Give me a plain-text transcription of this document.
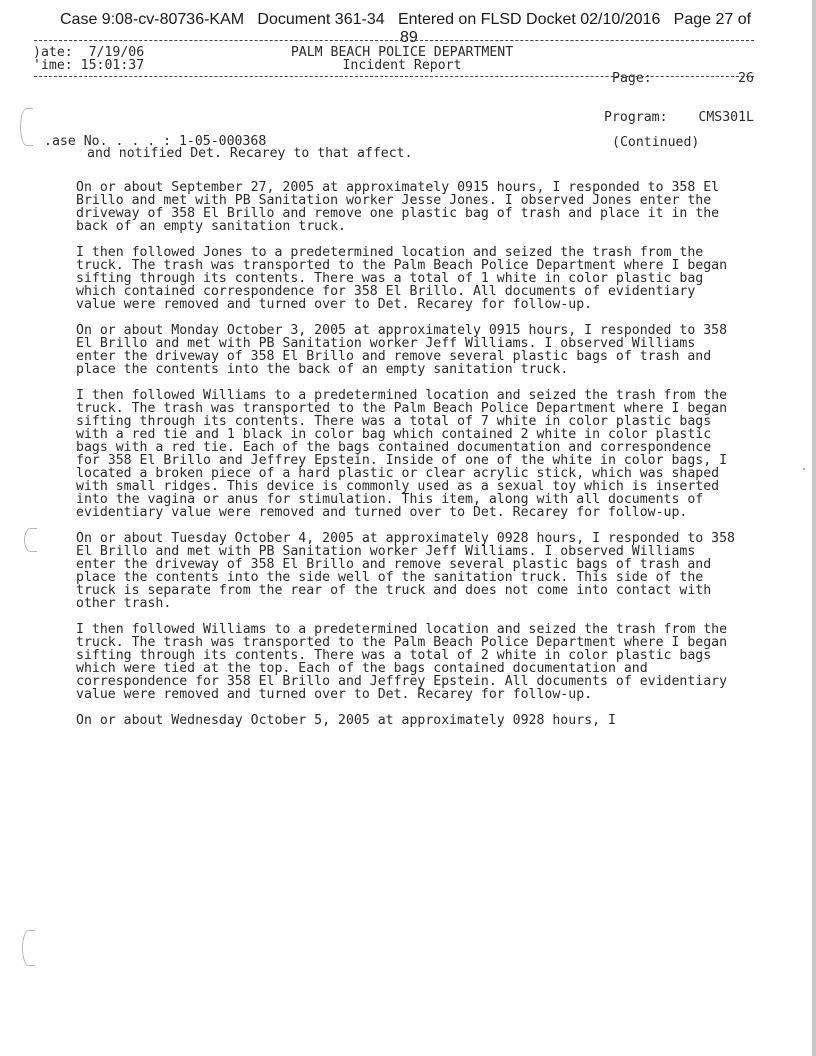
Case 9:08-cv-80736-KAM   Document 361-34   Entered on FLSD Docket 02/10/2016   Page 27 of
89
)ate: 7/19/06
'ime: 15:01:37
PALM BEACH POLICE DEPARTMENT
Incident Report

Page:	26

Program: CMS301L

.ase No. . . . : 1-05-000368	(Continued)

and notified Det. Recarey to that affect.

On or about September 27, 2005 at approximately 0915 hours, I responded to 358 El Brillo and met with PB Sanitation worker Jesse Jones. I observed Jones enter the driveway of 358 El Brillo and remove one plastic bag of trash and place it in the back of an empty sanitation truck.

I then followed Jones to a predetermined location and seized the trash from the truck. The trash was transported to the Palm Beach Police Department where I began sifting through its contents. There was a total of 1 white in color plastic bag which contained correspondence for 358 El Brillo. All documents of evidentiary value were removed and turned over to Det. Recarey for follow-up.

On or about Monday October 3, 2005 at approximately 0915 hours, I responded to 358 El Brillo and met with PB Sanitation worker Jeff Williams. I observed Williams enter the driveway of 358 El Brillo and remove several plastic bags of trash and place the contents into the back of an empty sanitation truck.

I then followed Williams to a predetermined location and seized the trash from the truck. The trash was transported to the Palm Beach Police Department where I began sifting through its contents. There was a total of 7 white in color plastic bags with a red tie and 1 black in color bag which contained 2 white in color plastic bags with a red tie. Each of the bags contained documentation and correspondence for 358 El Brillo and Jeffrey Epstein. Inside of one of the white in color bags, I located a broken piece of a hard plastic or clear acrylic stick, which was shaped with small ridges. This device is commonly used as a sexual toy which is inserted into the vagina or anus for stimulation. This item, along with all documents of evidentiary value were removed and turned over to Det. Recarey for follow-up.

On or about Tuesday October 4, 2005 at approximately 0928 hours, I responded to 358 El Brillo and met with PB Sanitation worker Jeff Williams. I observed Williams enter the driveway of 358 El Brillo and remove several plastic bags of trash and place the contents into the side well of the sanitation truck. This side of the truck is separate from the rear of the truck and does not come into contact with other trash.

I then followed Williams to a predetermined location and seized the trash from the truck. The trash was transported to the Palm Beach Police Department where I began sifting through its contents. There was a total of 2 white in color plastic bags which were tied at the top. Each of the bags contained documentation and correspondence for 358 El Brillo and Jeffrey Epstein. All documents of evidentiary value were removed and turned over to Det. Recarey for follow-up.

On or about Wednesday October 5, 2005 at approximately 0928 hours, I
